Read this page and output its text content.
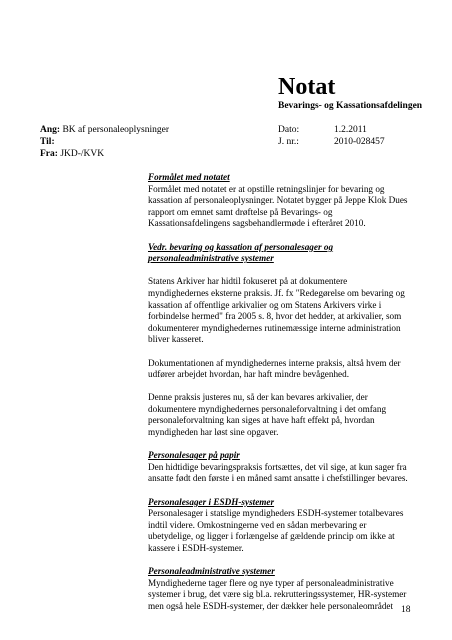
Notat
Bevarings- og Kassationsafdelingen
Ang: BK af personaleoplysninger
Til:
Fra: JKD-/KVK
Dato:	1.2.2011
J. nr.:	2010-028457
Formålet med notatet

Formålet med notatet er at opstille retningslinjer for bevaring og kassation af personaleoplysninger. Notatet bygger på Jeppe Klok Dues rapport om emnet samt drøftelse på Bevarings- og Kassationsafdelingens sagsbehandlermøde i efteråret 2010.

Vedr. bevaring og kassation af personalesager og personaleadministrative systemer

Statens Arkiver har hidtil fokuseret på at dokumentere myndighedernes eksterne praksis. Jf. fx "Redegørelse om bevaring og kassation af offentlige arkivalier og om Statens Arkivers virke i forbindelse hermed" fra 2005 s. 8, hvor det hedder, at arkivalier, som dokumenterer myndighedernes rutinemæssige interne administration bliver kasseret.

Dokumentationen af myndighedernes interne praksis, altså hvem der udfører arbejdet hvordan, har haft mindre bevågenhed.

Denne praksis justeres nu, så der kan bevares arkivalier, der dokumentere myndighedernes personaleforvaltning i det omfang personaleforvaltning kan siges at have haft effekt på, hvordan myndigheden har løst sine opgaver.

Personalesager på papir

Den hidtidige bevaringspraksis fortsættes, det vil sige, at kun sager fra ansatte født den første i en måned samt ansatte i chefstillinger bevares.

Personalesager i ESDH-systemer

Personalesager i statslige myndigheders ESDH-systemer totalbevares indtil videre. Omkostningerne ved en sådan merbevaring er ubetydelige, og ligger i forlængelse af gældende princip om ikke at kassere i ESDH-systemer.

Personaleadministrative systemer

Myndighederne tager flere og nye typer af personaleadministrative systemer i brug, det være sig bl.a. rekrutteringssystemer, HR-systemer men også hele ESDH-systemer, der dækker hele personaleområdet 18
